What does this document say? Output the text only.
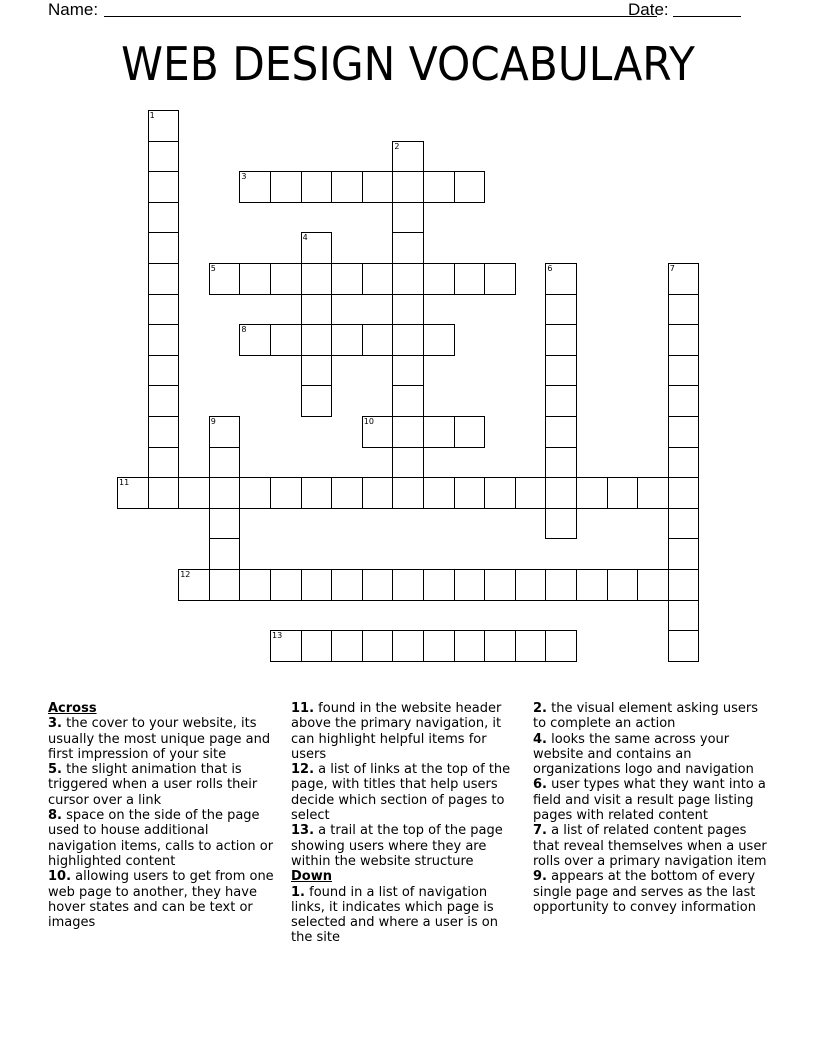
Name:	Date:
WEB DESIGN VOCABULARY
1
2
3
4
5	6	7
8
9	10
11
12
13

Across

3. the cover to your website, its usually the most unique page and first impression of your site

5. the slight animation that is triggered when a user rolls their cursor over a link

8. space on the side of the page used to house additional navigation items, calls to action or highlighted content

10. allowing users to get from one web page to another, they have hover states and can be text or images

11. found in the website header above the primary navigation, it can highlight helpful items for users

12. a list of links at the top of the page, with titles that help users decide which section of pages to select

13. a trail at the top of the page showing users where they are within the website structure

Down

1. found in a list of navigation links, it indicates which page is selected and where a user is on the site

2. the visual element asking users to complete an action

4. looks the same across your website and contains an organizations logo and navigation

6. user types what they want into a field and visit a result page listing pages with related content

7. a list of related content pages that reveal themselves when a user rolls over a primary navigation item

9. appears at the bottom of every single page and serves as the last opportunity to convey information
